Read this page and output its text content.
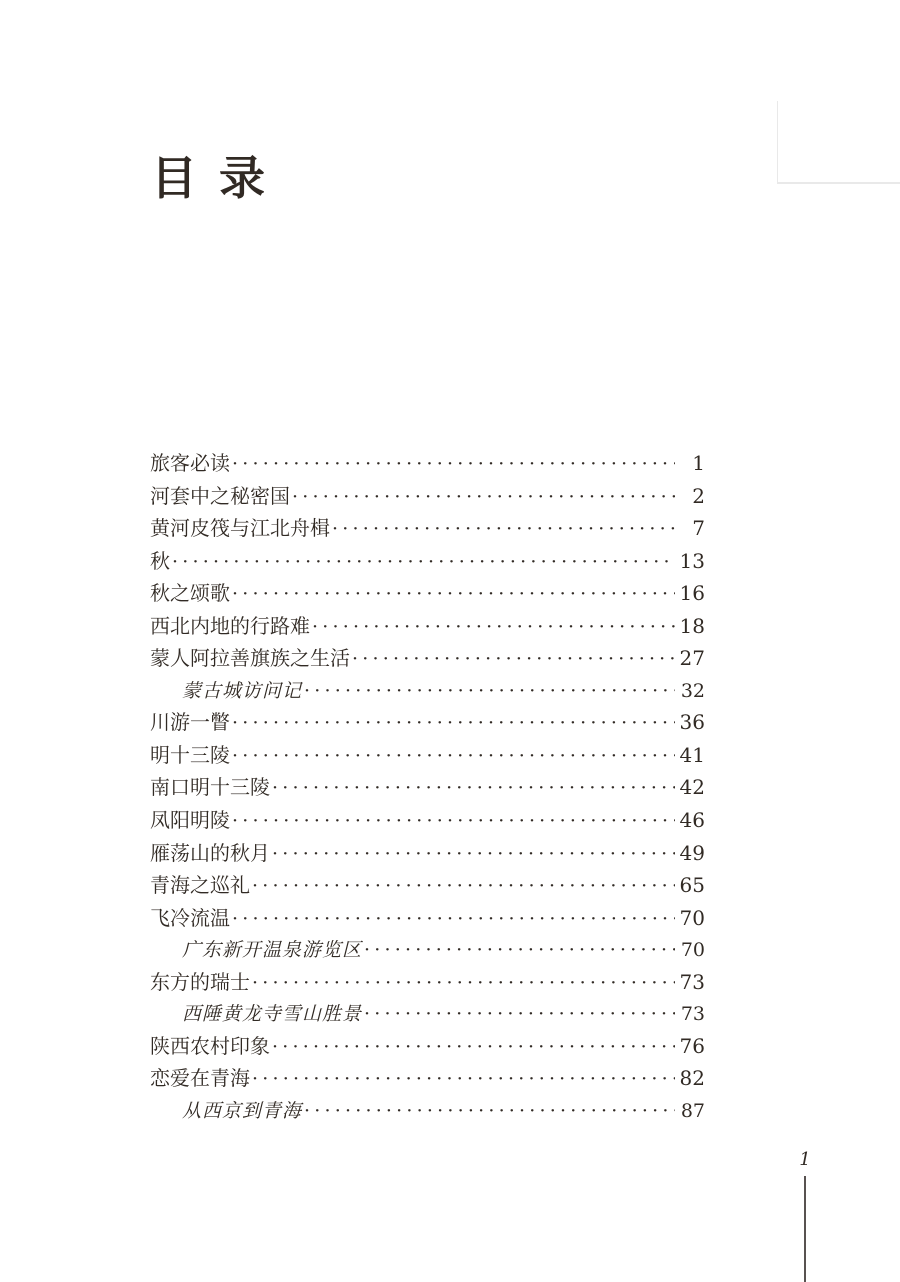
目 录
旅客必读 ·····	1
河套中之秘密国 ·····	2
黄河皮筏与江北舟楫 ·····	7
秋 ·····	13
秋之颂歌 ·····	16
西北内地的行路难 ·····	18
蒙人阿拉善旗族之生活 ·····	27
蒙古城访问记 ·····	32
川游一瞥 ·····	36
明十三陵 ·····	41
南口明十三陵 ·····	42
凤阳明陵 ·····	46
雁荡山的秋月 ·····	49
青海之巡礼 ·····	65
飞冷流温 ·····	70
广东新开温泉游览区 ·····	70
东方的瑞士 ·····	73
西陲黄龙寺雪山胜景 ·····	73
陕西农村印象 ·····	76
恋爱在青海 ·····	82
从西京到青海 ·····	87
1
